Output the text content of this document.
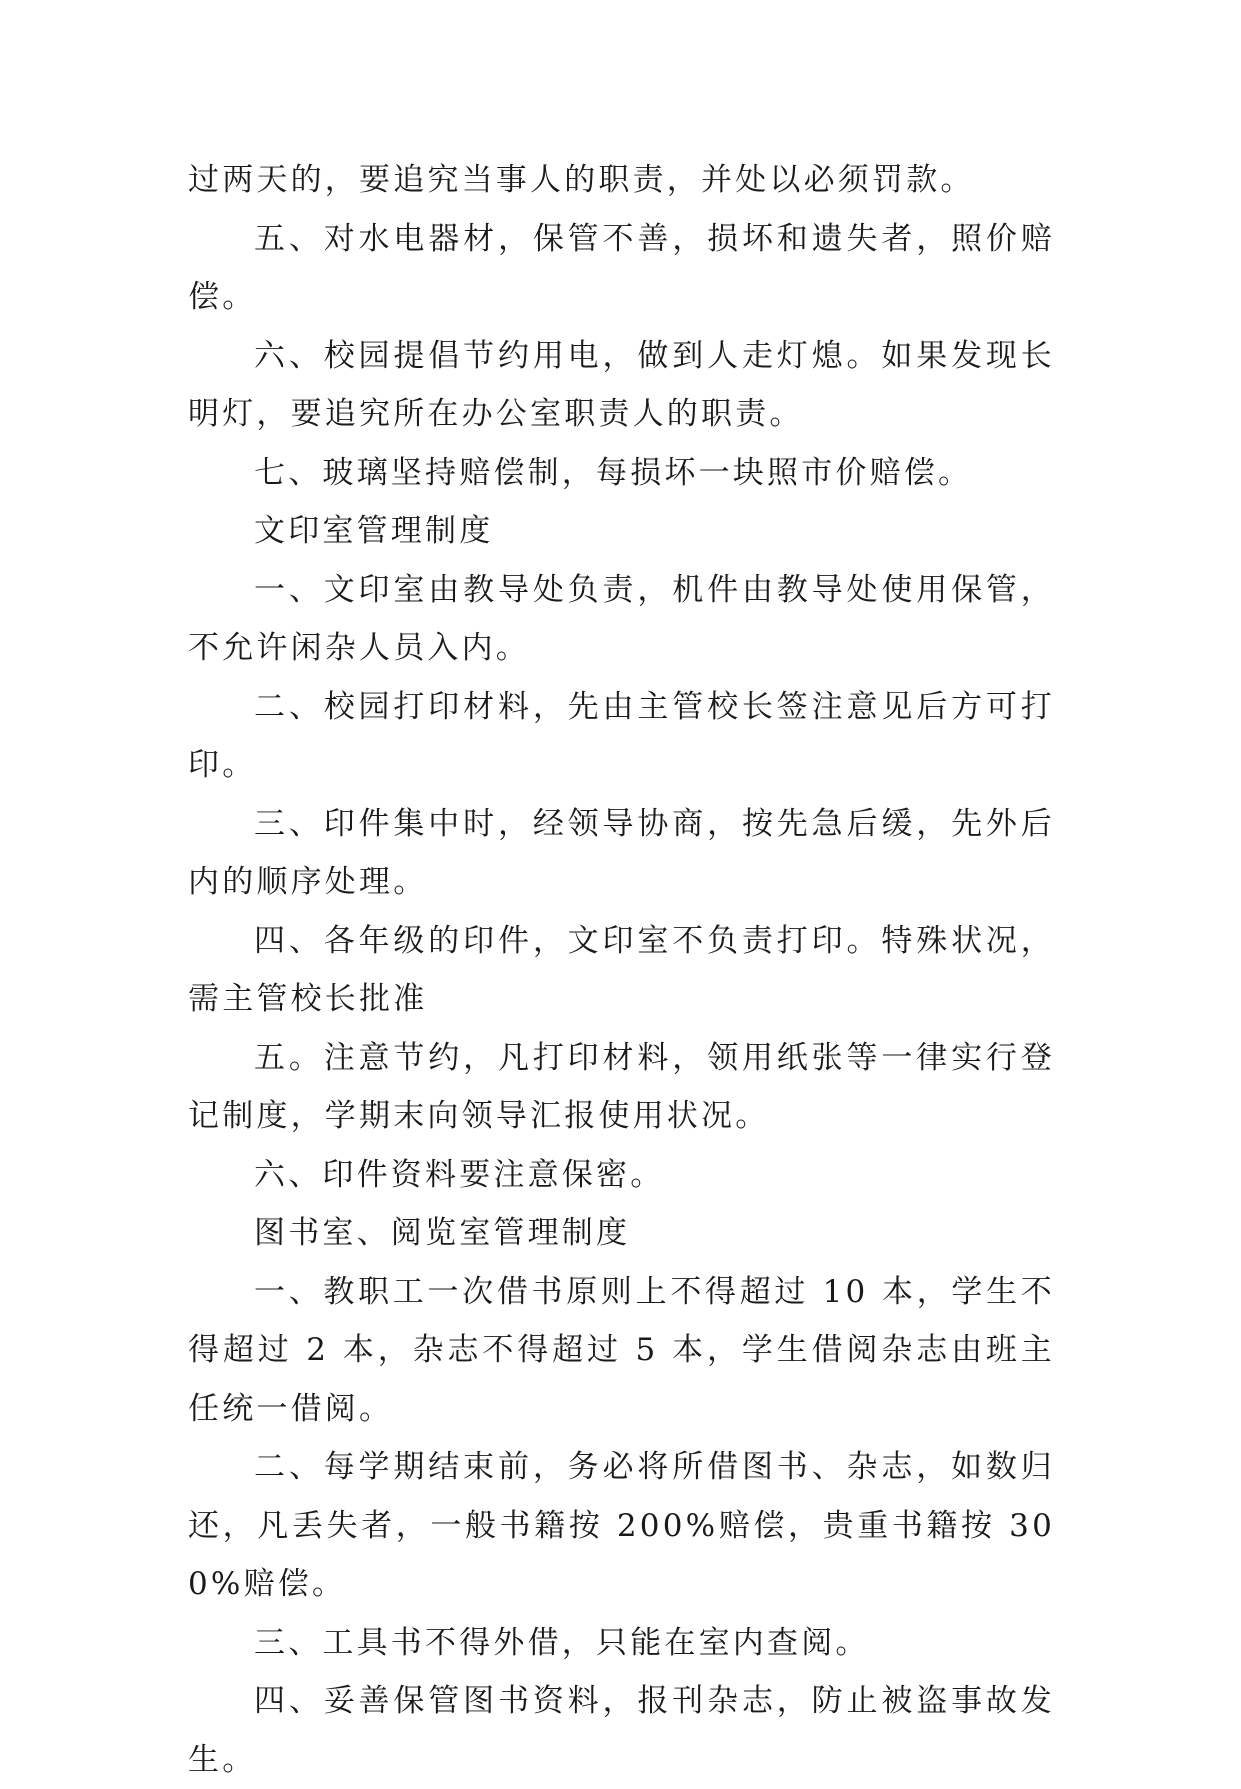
过两天的，要追究当事人的职责，并处以必须罚款。

五、对水电器材，保管不善，损坏和遗失者，照价赔偿。

六、校园提倡节约用电，做到人走灯熄。如果发现长明灯，要追究所在办公室职责人的职责。

七、玻璃坚持赔偿制，每损坏一块照市价赔偿。

文印室管理制度

一、文印室由教导处负责，机件由教导处使用保管，不允许闲杂人员入内。

二、校园打印材料，先由主管校长签注意见后方可打印。

三、印件集中时，经领导协商，按先急后缓，先外后内的顺序处理。

四、各年级的印件，文印室不负责打印。特殊状况，需主管校长批准

五。注意节约，凡打印材料，领用纸张等一律实行登记制度，学期末向领导汇报使用状况。

六、印件资料要注意保密。

图书室、阅览室管理制度

一、教职工一次借书原则上不得超过 10 本，学生不得超过 2 本，杂志不得超过 5 本，学生借阅杂志由班主任统一借阅。

二、每学期结束前，务必将所借图书、杂志，如数归还，凡丢失者，一般书籍按 200%赔偿，贵重书籍按 300%赔偿。

三、工具书不得外借，只能在室内查阅。

四、妥善保管图书资料，报刊杂志，防止被盗事故发生。
